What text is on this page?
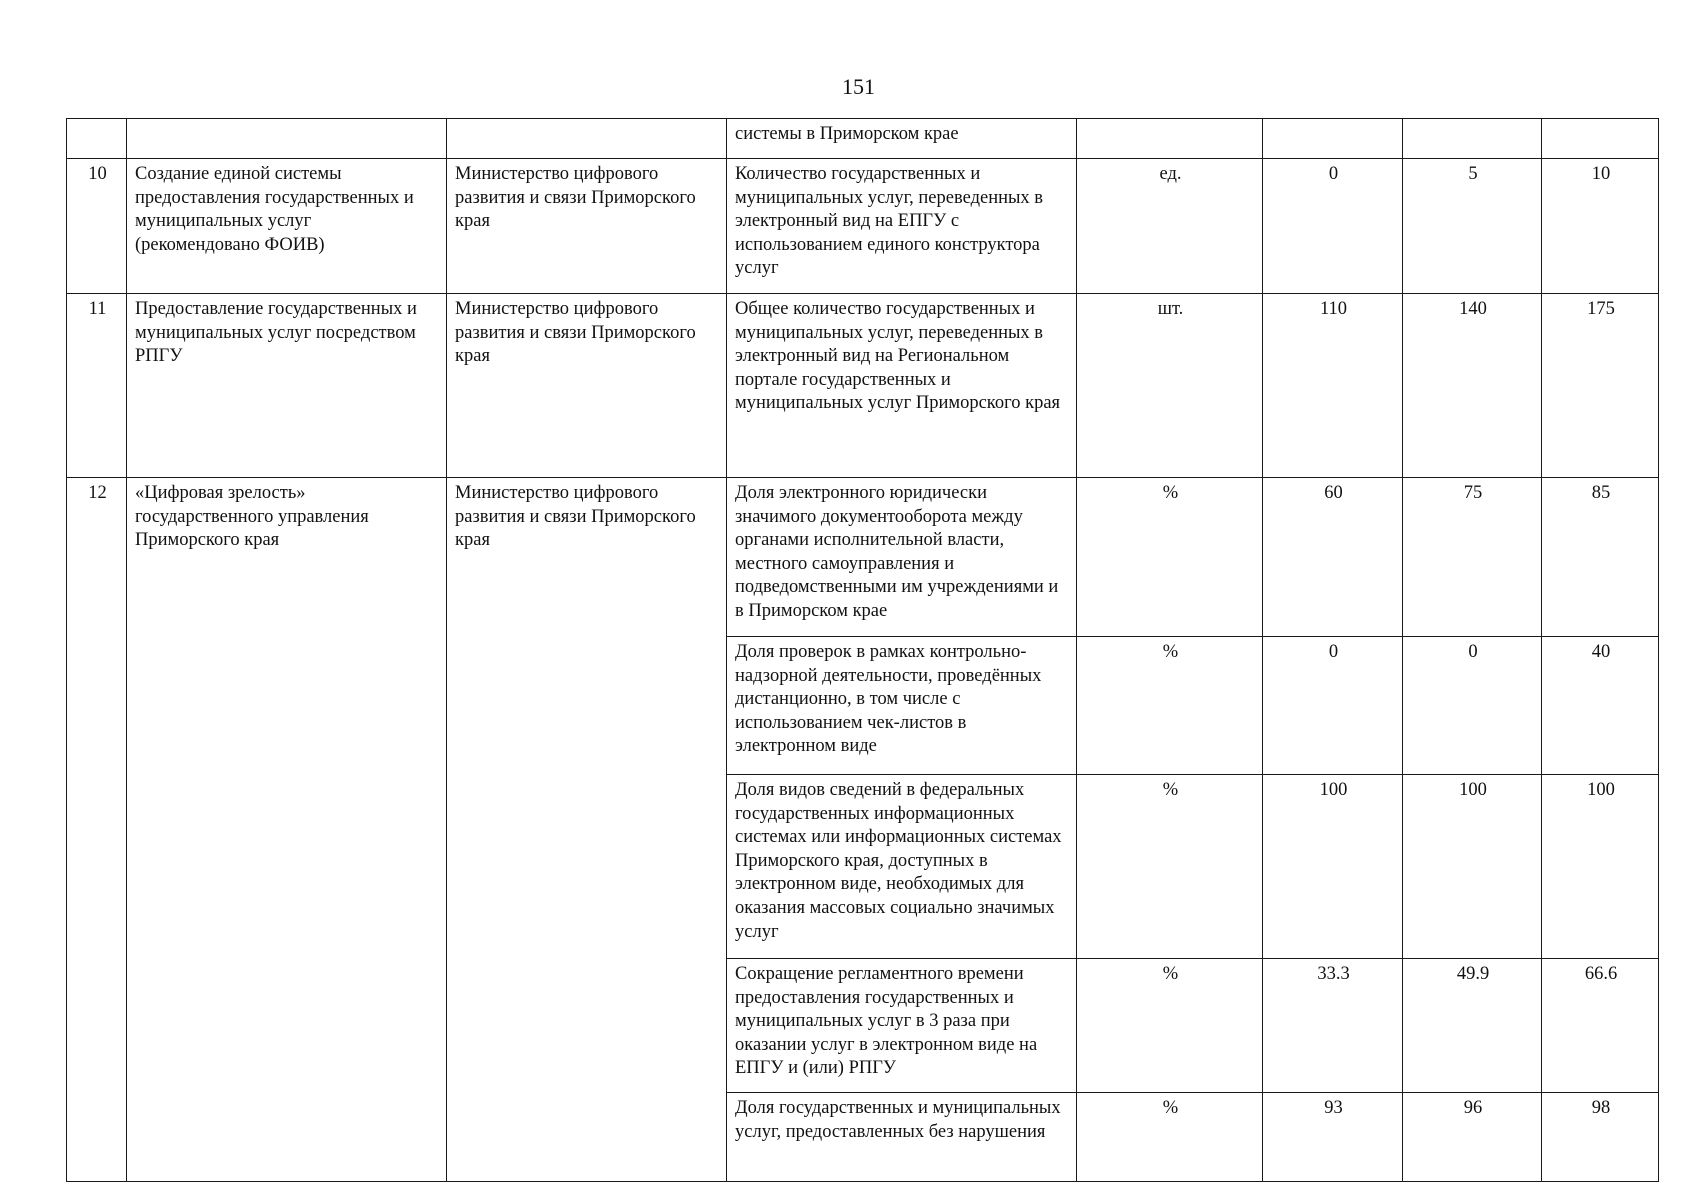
151
			системы в Приморском крае				
10	Создание единой системы предоставления государственных и муниципальных услуг (рекомендовано ФОИВ)	Министерство цифрового развития и связи Приморского края	Количество государственных и муниципальных услуг, переведенных в электронный вид на ЕПГУ с использованием единого конструктора услуг	ед.	0	5	10
11	Предоставление государственных и муниципальных услуг посредством РПГУ	Министерство цифрового развития и связи Приморского края	Общее количество государственных и муниципальных услуг, переведенных в электронный вид на Региональном портале государственных и муниципальных услуг Приморского края	шт.	110	140	175
12	«Цифровая зрелость» государственного управления Приморского края	Министерство цифрового развития и связи Приморского края	Доля электронного юридически значимого документооборота между органами исполнительной власти, местного самоуправления и подведомственными им учреждениями и в Приморском крае	%	60	75	85
			Доля проверок в рамках контрольно-надзорной деятельности, проведённых дистанционно, в том числе с использованием чек-листов в электронном виде	%	0	0	40
			Доля видов сведений в федеральных государственных информационных системах или информационных системах Приморского края, доступных в электронном виде, необходимых для оказания массовых социально значимых услуг	%	100	100	100
			Сокращение регламентного времени предоставления государственных и муниципальных услуг в 3 раза при оказании услуг в электронном виде на ЕПГУ и (или) РПГУ	%	33.3	49.9	66.6
			Доля государственных и муниципальных услуг, предоставленных без нарушения	%	93	96	98
